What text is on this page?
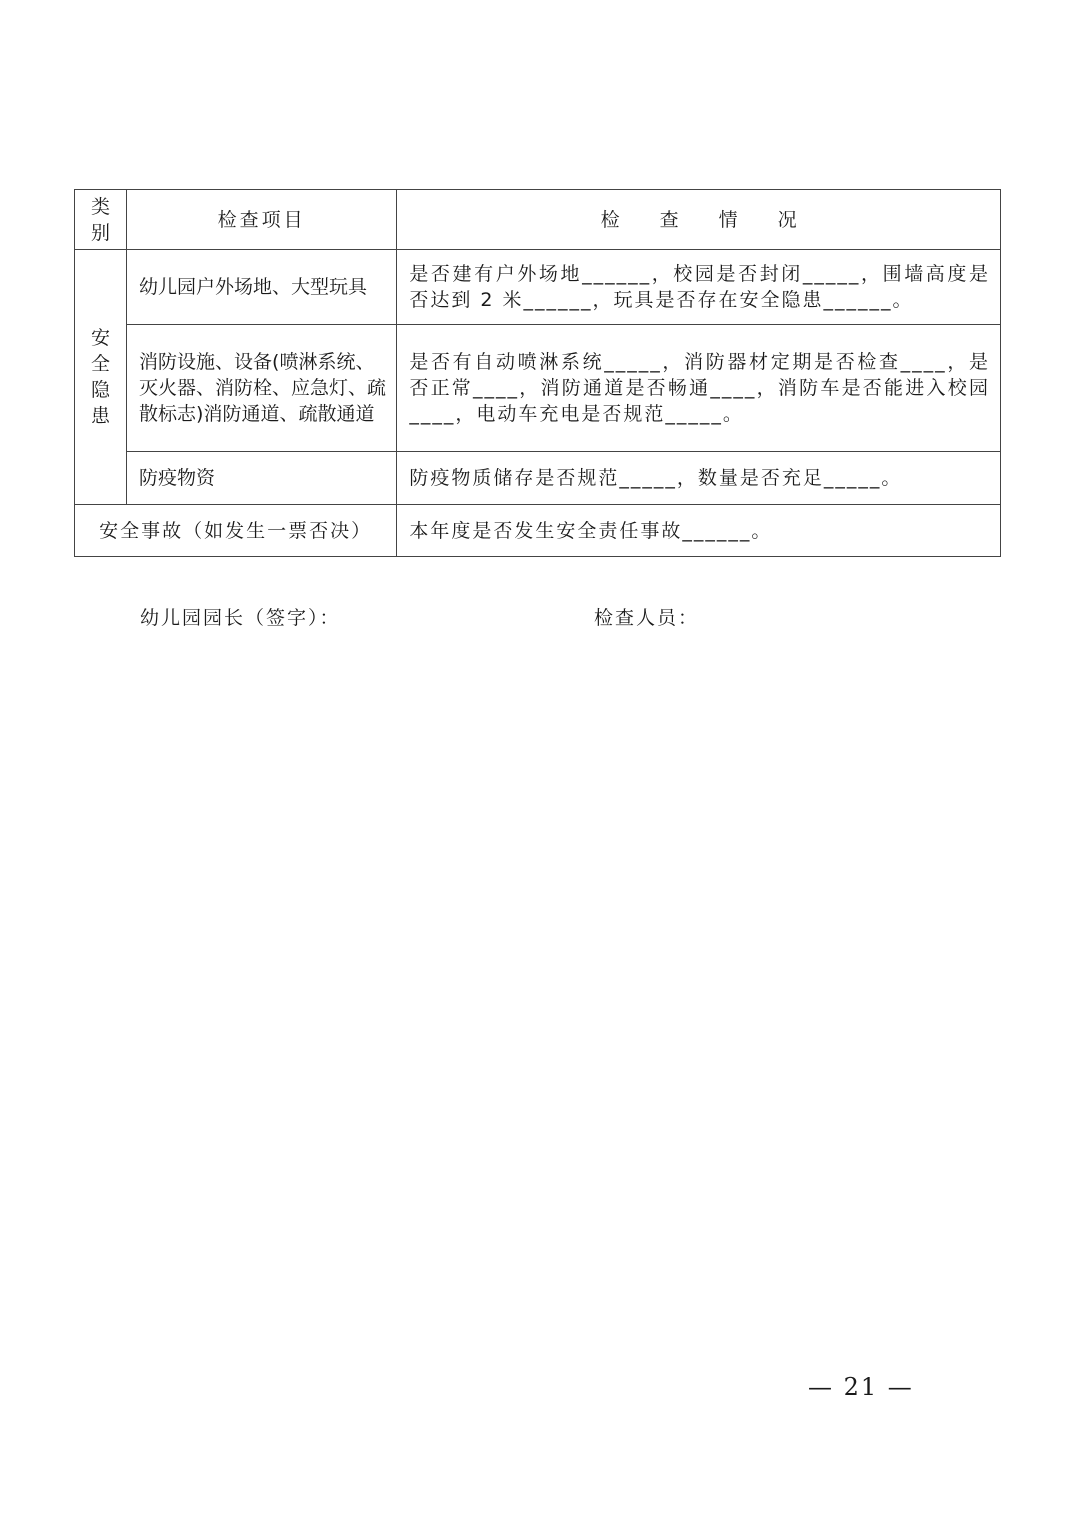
类别	检查项目	检查情况
安全隐患	幼儿园户外场地、大型玩具	是否建有户外场地______，校园是否封闭_____，围墙高度是否达到 2 米______，玩具是否存在安全隐患______。
	消防设施、设备(喷淋系统、灭火器、消防栓、应急灯、疏散标志)消防通道、疏散通道	是否有自动喷淋系统_____，消防器材定期是否检查____，是否正常____，消防通道是否畅通____，消防车是否能进入校园____，电动车充电是否规范_____。
	防疫物资	防疫物质储存是否规范_____，数量是否充足_____。
安全事故（如发生一票否决）		本年度是否发生安全责任事故______。
幼儿园园长（签字）：	检查人员：
— 21 —
